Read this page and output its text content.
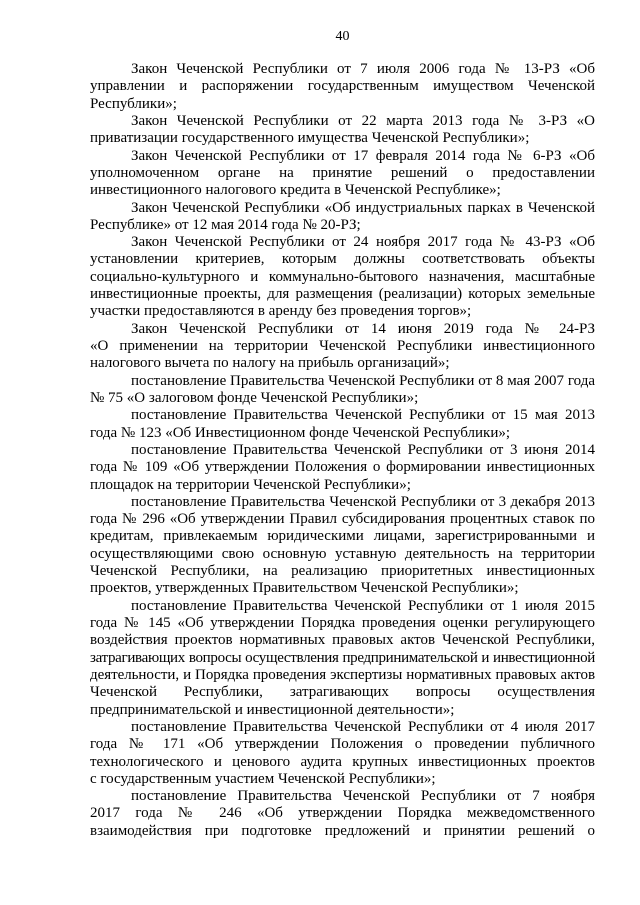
40
Закон Чеченской Республики от 7 июля 2006 года № 13-РЗ «Об
управлении и распоряжении государственным имуществом Чеченской
Республики»;
Закон Чеченской Республики от 22 марта 2013 года № 3-РЗ «О
приватизации государственного имущества Чеченской Республики»;
Закон Чеченской Республики от 17 февраля 2014 года № 6-РЗ «Об
уполномоченном органе на принятие решений о предоставлении
инвестиционного налогового кредита в Чеченской Республике»;
Закон Чеченской Республики «Об индустриальных парках в Чеченской
Республике» от 12 мая 2014 года № 20-РЗ;
Закон Чеченской Республики от 24 ноября 2017 года № 43-РЗ «Об
установлении критериев, которым должны соответствовать объекты
социально-культурного и коммунально-бытового назначения, масштабные
инвестиционные проекты, для размещения (реализации) которых земельные
участки предоставляются в аренду без проведения торгов»;
Закон Чеченской Республики от 14 июня 2019 года № 24-РЗ
«О применении на территории Чеченской Республики инвестиционного
налогового вычета по налогу на прибыль организаций»;
постановление Правительства Чеченской Республики от 8 мая 2007 года
№ 75 «О залоговом фонде Чеченской Республики»;
постановление Правительства Чеченской Республики от 15 мая 2013
года № 123 «Об Инвестиционном фонде Чеченской Республики»;
постановление Правительства Чеченской Республики от 3 июня 2014
года № 109 «Об утверждении Положения о формировании инвестиционных
площадок на территории Чеченской Республики»;
постановление Правительства Чеченской Республики от 3 декабря 2013
года № 296 «Об утверждении Правил субсидирования процентных ставок по
кредитам, привлекаемым юридическими лицами, зарегистрированными и
осуществляющими свою основную уставную деятельность на территории
Чеченской Республики, на реализацию приоритетных инвестиционных
проектов, утвержденных Правительством Чеченской Республики»;
постановление Правительства Чеченской Республики от 1 июля 2015
года № 145 «Об утверждении Порядка проведения оценки регулирующего
воздействия проектов нормативных правовых актов Чеченской Республики,
затрагивающих вопросы осуществления предпринимательской и инвестиционной
деятельности, и Порядка проведения экспертизы нормативных правовых актов
Чеченской Республики, затрагивающих вопросы осуществления
предпринимательской и инвестиционной деятельности»;
постановление Правительства Чеченской Республики от 4 июля 2017
года № 171 «Об утверждении Положения о проведении публичного
технологического и ценового аудита крупных инвестиционных проектов
с государственным участием Чеченской Республики»;
постановление Правительства Чеченской Республики от 7 ноября
2017 года № 246 «Об утверждении Порядка межведомственного
взаимодействия при подготовке предложений и принятии решений о
